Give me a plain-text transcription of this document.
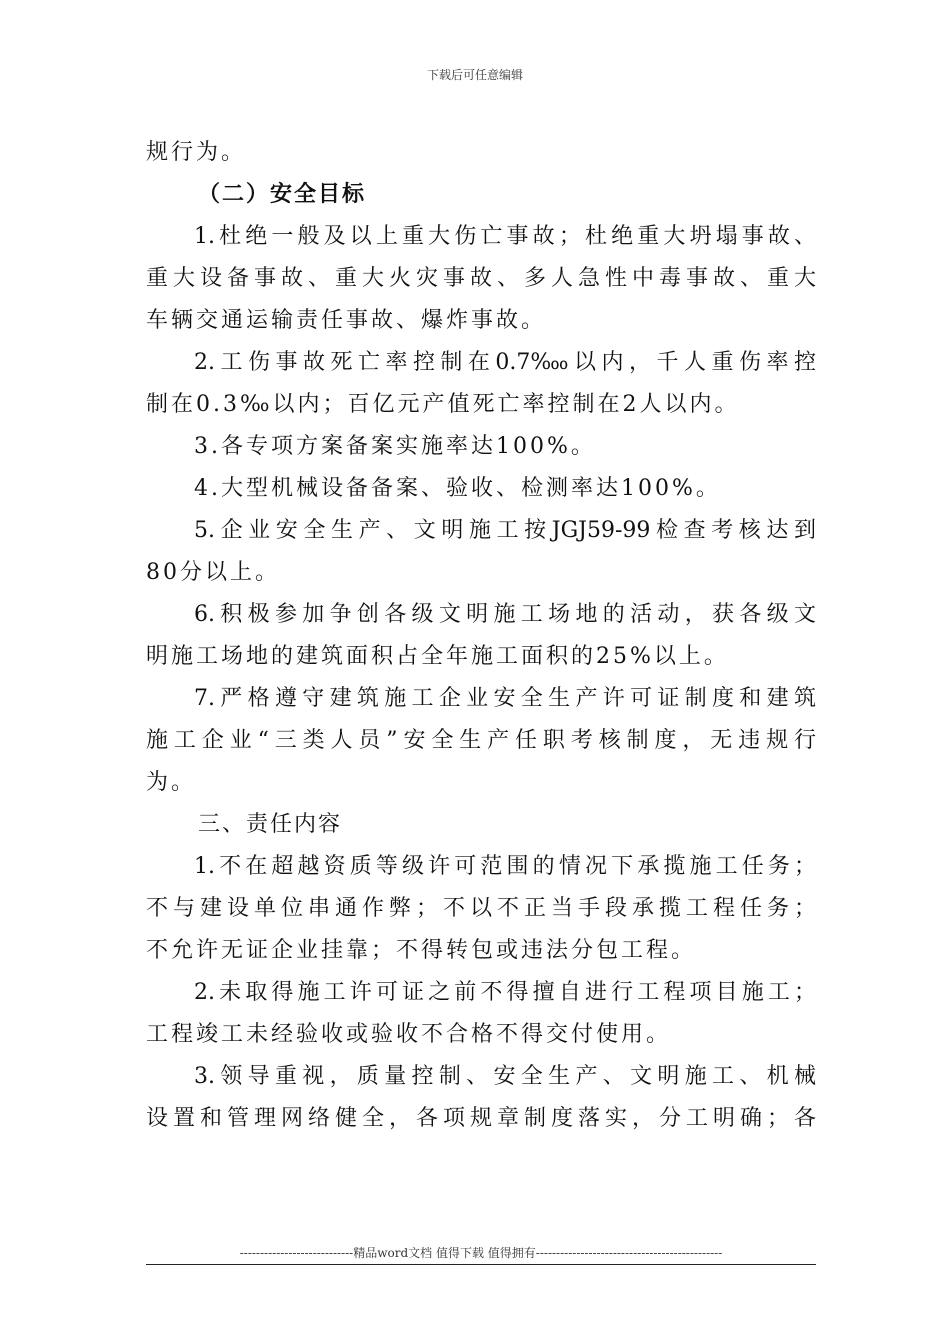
下载后可任意编辑
规行为。
（二）安全目标
1.杜绝一般及以上重大伤亡事故；杜绝重大坍塌事故、
重大设备事故、重大火灾事故、多人急性中毒事故、重大
车辆交通运输责任事故、爆炸事故。
2.工伤事故死亡率控制在0.7‱以内，千人重伤率控
制在0.3‰以内；百亿元产值死亡率控制在2人以内。
3.各专项方案备案实施率达100%。
4.大型机械设备备案、验收、检测率达100%。
5.企业安全生产、文明施工按JGJ59-99检查考核达到
80分以上。
6.积极参加争创各级文明施工场地的活动，获各级文
明施工场地的建筑面积占全年施工面积的25%以上。
7.严格遵守建筑施工企业安全生产许可证制度和建筑
施工企业“三类人员”安全生产任职考核制度，无违规行
为。
三、责任内容
1.不在超越资质等级许可范围的情况下承揽施工任务；
不与建设单位串通作弊；不以不正当手段承揽工程任务；
不允许无证企业挂靠；不得转包或违法分包工程。
2.未取得施工许可证之前不得擅自进行工程项目施工；
工程竣工未经验收或验收不合格不得交付使用。
3.领导重视，质量控制、安全生产、文明施工、机械
设置和管理网络健全，各项规章制度落实，分工明确；各
----------------------------精品word文档 值得下载 值得拥有----------------------------------------------
